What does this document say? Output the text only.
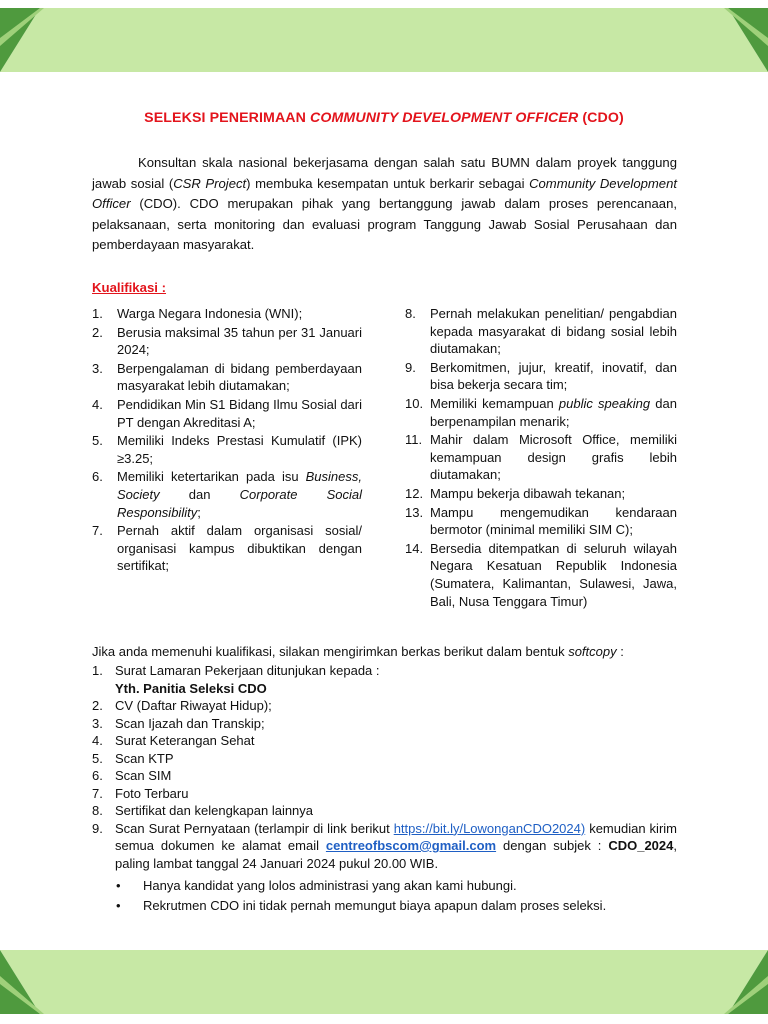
SELEKSI PENERIMAAN COMMUNITY DEVELOPMENT OFFICER (CDO)
Konsultan skala nasional bekerjasama dengan salah satu BUMN dalam proyek tanggung jawab sosial (CSR Project) membuka kesempatan untuk berkarir sebagai Community Development Officer (CDO). CDO merupakan pihak yang bertanggung jawab dalam proses perencanaan, pelaksanaan, serta monitoring dan evaluasi program Tanggung Jawab Sosial Perusahaan dan pemberdayaan masyarakat.
Kualifikasi :
1.	Warga Negara Indonesia (WNI);
2.	Berusia maksimal 35 tahun per 31 Januari 2024;
3.	Berpengalaman di bidang pemberdayaan masyarakat lebih diutamakan;
4.	Pendidikan Min S1 Bidang Ilmu Sosial dari PT dengan Akreditasi A;
5.	Memiliki Indeks Prestasi Kumulatif (IPK) ≥3.25;
6.	Memiliki ketertarikan pada isu Business, Society dan Corporate Social Responsibility;
7.	Pernah aktif dalam organisasi sosial/ organisasi kampus dibuktikan dengan sertifikat;
8.	Pernah melakukan penelitian/ pengabdian kepada masyarakat di bidang sosial lebih diutamakan;
9.	Berkomitmen, jujur, kreatif, inovatif, dan bisa bekerja secara tim;
10. Memiliki kemampuan public speaking dan berpenampilan menarik;
11. Mahir dalam Microsoft Office, memiliki kemampuan design grafis lebih diutamakan;
12. Mampu bekerja dibawah tekanan;
13. Mampu mengemudikan kendaraan bermotor (minimal memiliki SIM C);
14. Bersedia ditempatkan di seluruh wilayah Negara Kesatuan Republik Indonesia (Sumatera, Kalimantan, Sulawesi, Jawa, Bali, Nusa Tenggara Timur)
Jika anda memenuhi kualifikasi, silakan mengirimkan berkas berikut dalam bentuk softcopy :
1. Surat Lamaran Pekerjaan ditunjukan kepada :
Yth. Panitia Seleksi CDO
2. CV (Daftar Riwayat Hidup);
3. Scan Ijazah dan Transkip;
4. Surat Keterangan Sehat
5. Scan KTP
6. Scan SIM
7. Foto Terbaru
8. Sertifikat dan kelengkapan lainnya
9. Scan Surat Pernyataan (terlampir di link berikut https://bit.ly/LowonganCDO2024) kemudian kirim semua dokumen ke alamat email centreofbscom@gmail.com dengan subjek : CDO_2024, paling lambat tanggal 24 Januari 2024 pukul 20.00 WIB.
•	Hanya kandidat yang lolos administrasi yang akan kami hubungi.
•	Rekrutmen CDO ini tidak pernah memungut biaya apapun dalam proses seleksi.
